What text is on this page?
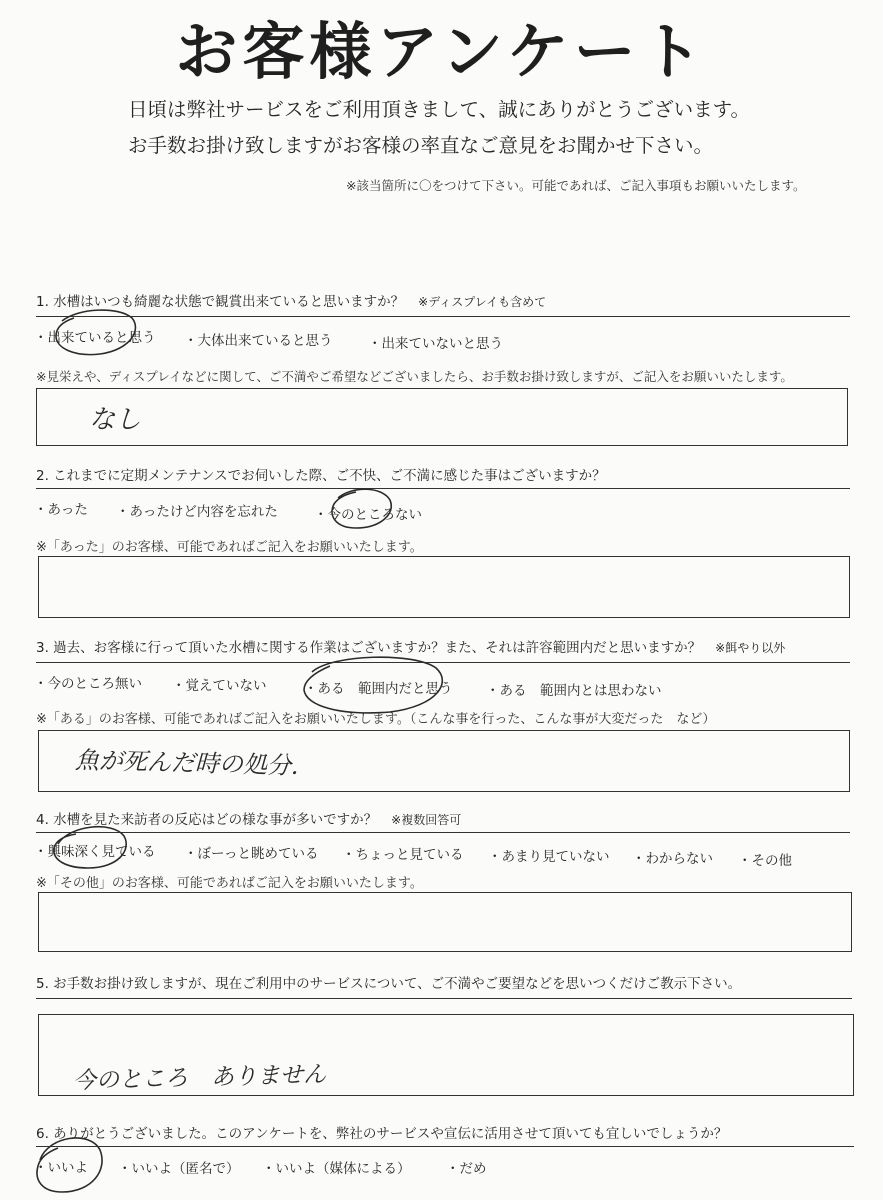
お客様アンケート
日頃は弊社サービスをご利用頂きまして、誠にありがとうございます。
お手数お掛け致しますがお客様の率直なご意見をお聞かせ下さい。
※該当箇所に〇をつけて下さい。可能であれば、ご記入事項もお願いいたします。
1. 水槽はいつも綺麗な状態で観賞出来ていると思いますか？ ※ディスプレイも含めて
・出来ていると思う ・大体出来ていると思う	・出来ていないと思う
※見栄えや、ディスプレイなどに関して、ご不満やご希望などございましたら、お手数お掛け致しますが、ご記入をお願いいたします。
なし
2. これまでに定期メンテナンスでお伺いした際、ご不快、ご不満に感じた事はございますか？
・あった ・あったけど内容を忘れた	・今のところない
※「あった」のお客様、可能であればご記入をお願いいたします。
3. 過去、お客様に行って頂いた水槽に関する作業はございますか？また、それは許容範囲内だと思いますか？ ※餌やり以外
・今のところ無い ・覚えていない	・ある　範囲内だと思う ・ある　範囲内とは思わない
※「ある」のお客様、可能であればご記入をお願いいたします。（こんな事を行った、こんな事が大変だった　など）
魚が死んだ時の処分.
4. 水槽を見た来訪者の反応はどの様な事が多いですか？ ※複数回答可
・興味深く見ている ・ぼーっと眺めている ・ちょっと見ている ・あまり見ていない ・わからない ・その他
※「その他」のお客様、可能であればご記入をお願いいたします。
5. お手数お掛け致しますが、現在ご利用中のサービスについて、ご不満やご要望などを思いつくだけご教示下さい。
今のところ　ありません
6. ありがとうございました。このアンケートを、弊社のサービスや宣伝に活用させて頂いても宜しいでしょうか？
・いいよ ・いいよ（匿名で） ・いいよ（媒体による）	・だめ
